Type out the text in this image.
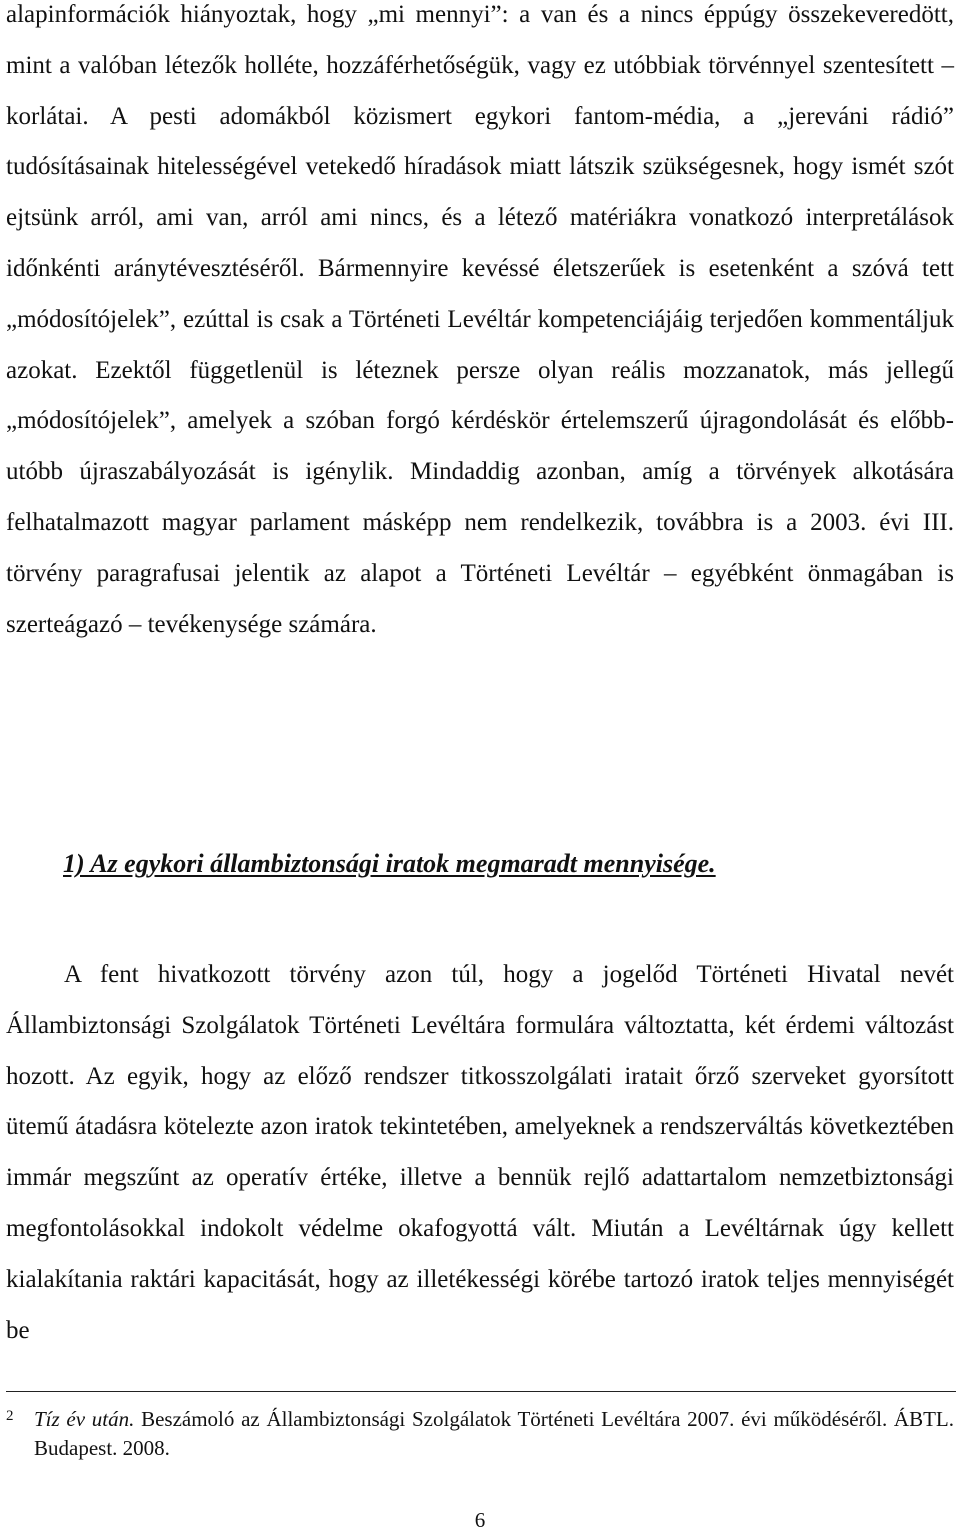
alapinformációk hiányoztak, hogy „mi mennyi”: a van és a nincs éppúgy összekeveredött, mint a valóban létezők holléte, hozzáférhetőségük, vagy ez utóbbiak törvénnyel szentesített – korlátai. A pesti adomákból közismert egykori fantom-média, a „jereváni rádió” tudósításainak hitelességével vetekedő híradások miatt látszik szükségesnek, hogy ismét szót ejtsünk arról, ami van, arról ami nincs, és a létező matériákra vonatkozó interpretálások időnkénti aránytévesztéséről. Bármennyire kevéssé életszerűek is esetenként a szóvá tett „módosítójelek”, ezúttal is csak a Történeti Levéltár kompetenciájáig terjedően kommentáljuk azokat. Ezektől függetlenül is léteznek persze olyan reális mozzanatok, más jellegű „módosítójelek”, amelyek a szóban forgó kérdéskör értelemszerű újragondolását és előbb-utóbb újraszabályozását is igénylik. Mindaddig azonban, amíg a törvények alkotására felhatalmazott magyar parlament másképp nem rendelkezik, továbbra is a 2003. évi III. törvény paragrafusai jelentik az alapot a Történeti Levéltár – egyébként önmagában is szerteágazó – tevékenysége számára.

1) Az egykori állambiztonsági iratok megmaradt mennyisége.

A fent hivatkozott törvény azon túl, hogy a jogelőd Történeti Hivatal nevét Állambiztonsági Szolgálatok Történeti Levéltára formulára változtatta, két érdemi változást hozott. Az egyik, hogy az előző rendszer titkosszolgálati iratait őrző szerveket gyorsított ütemű átadásra kötelezte azon iratok tekintetében, amelyeknek a rendszerváltás következtében immár megszűnt az operatív értéke, illetve a bennük rejlő adattartalom nemzetbiztonsági megfontolásokkal indokolt védelme okafogyottá vált. Miután a Levéltárnak úgy kellett kialakítania raktári kapacitását, hogy az illetékességi körébe tartozó iratok teljes mennyiségét be

2 Tíz év után. Beszámoló az Állambiztonsági Szolgálatok Történeti Levéltára 2007. évi működéséről. ÁBTL. Budapest. 2008.

6
